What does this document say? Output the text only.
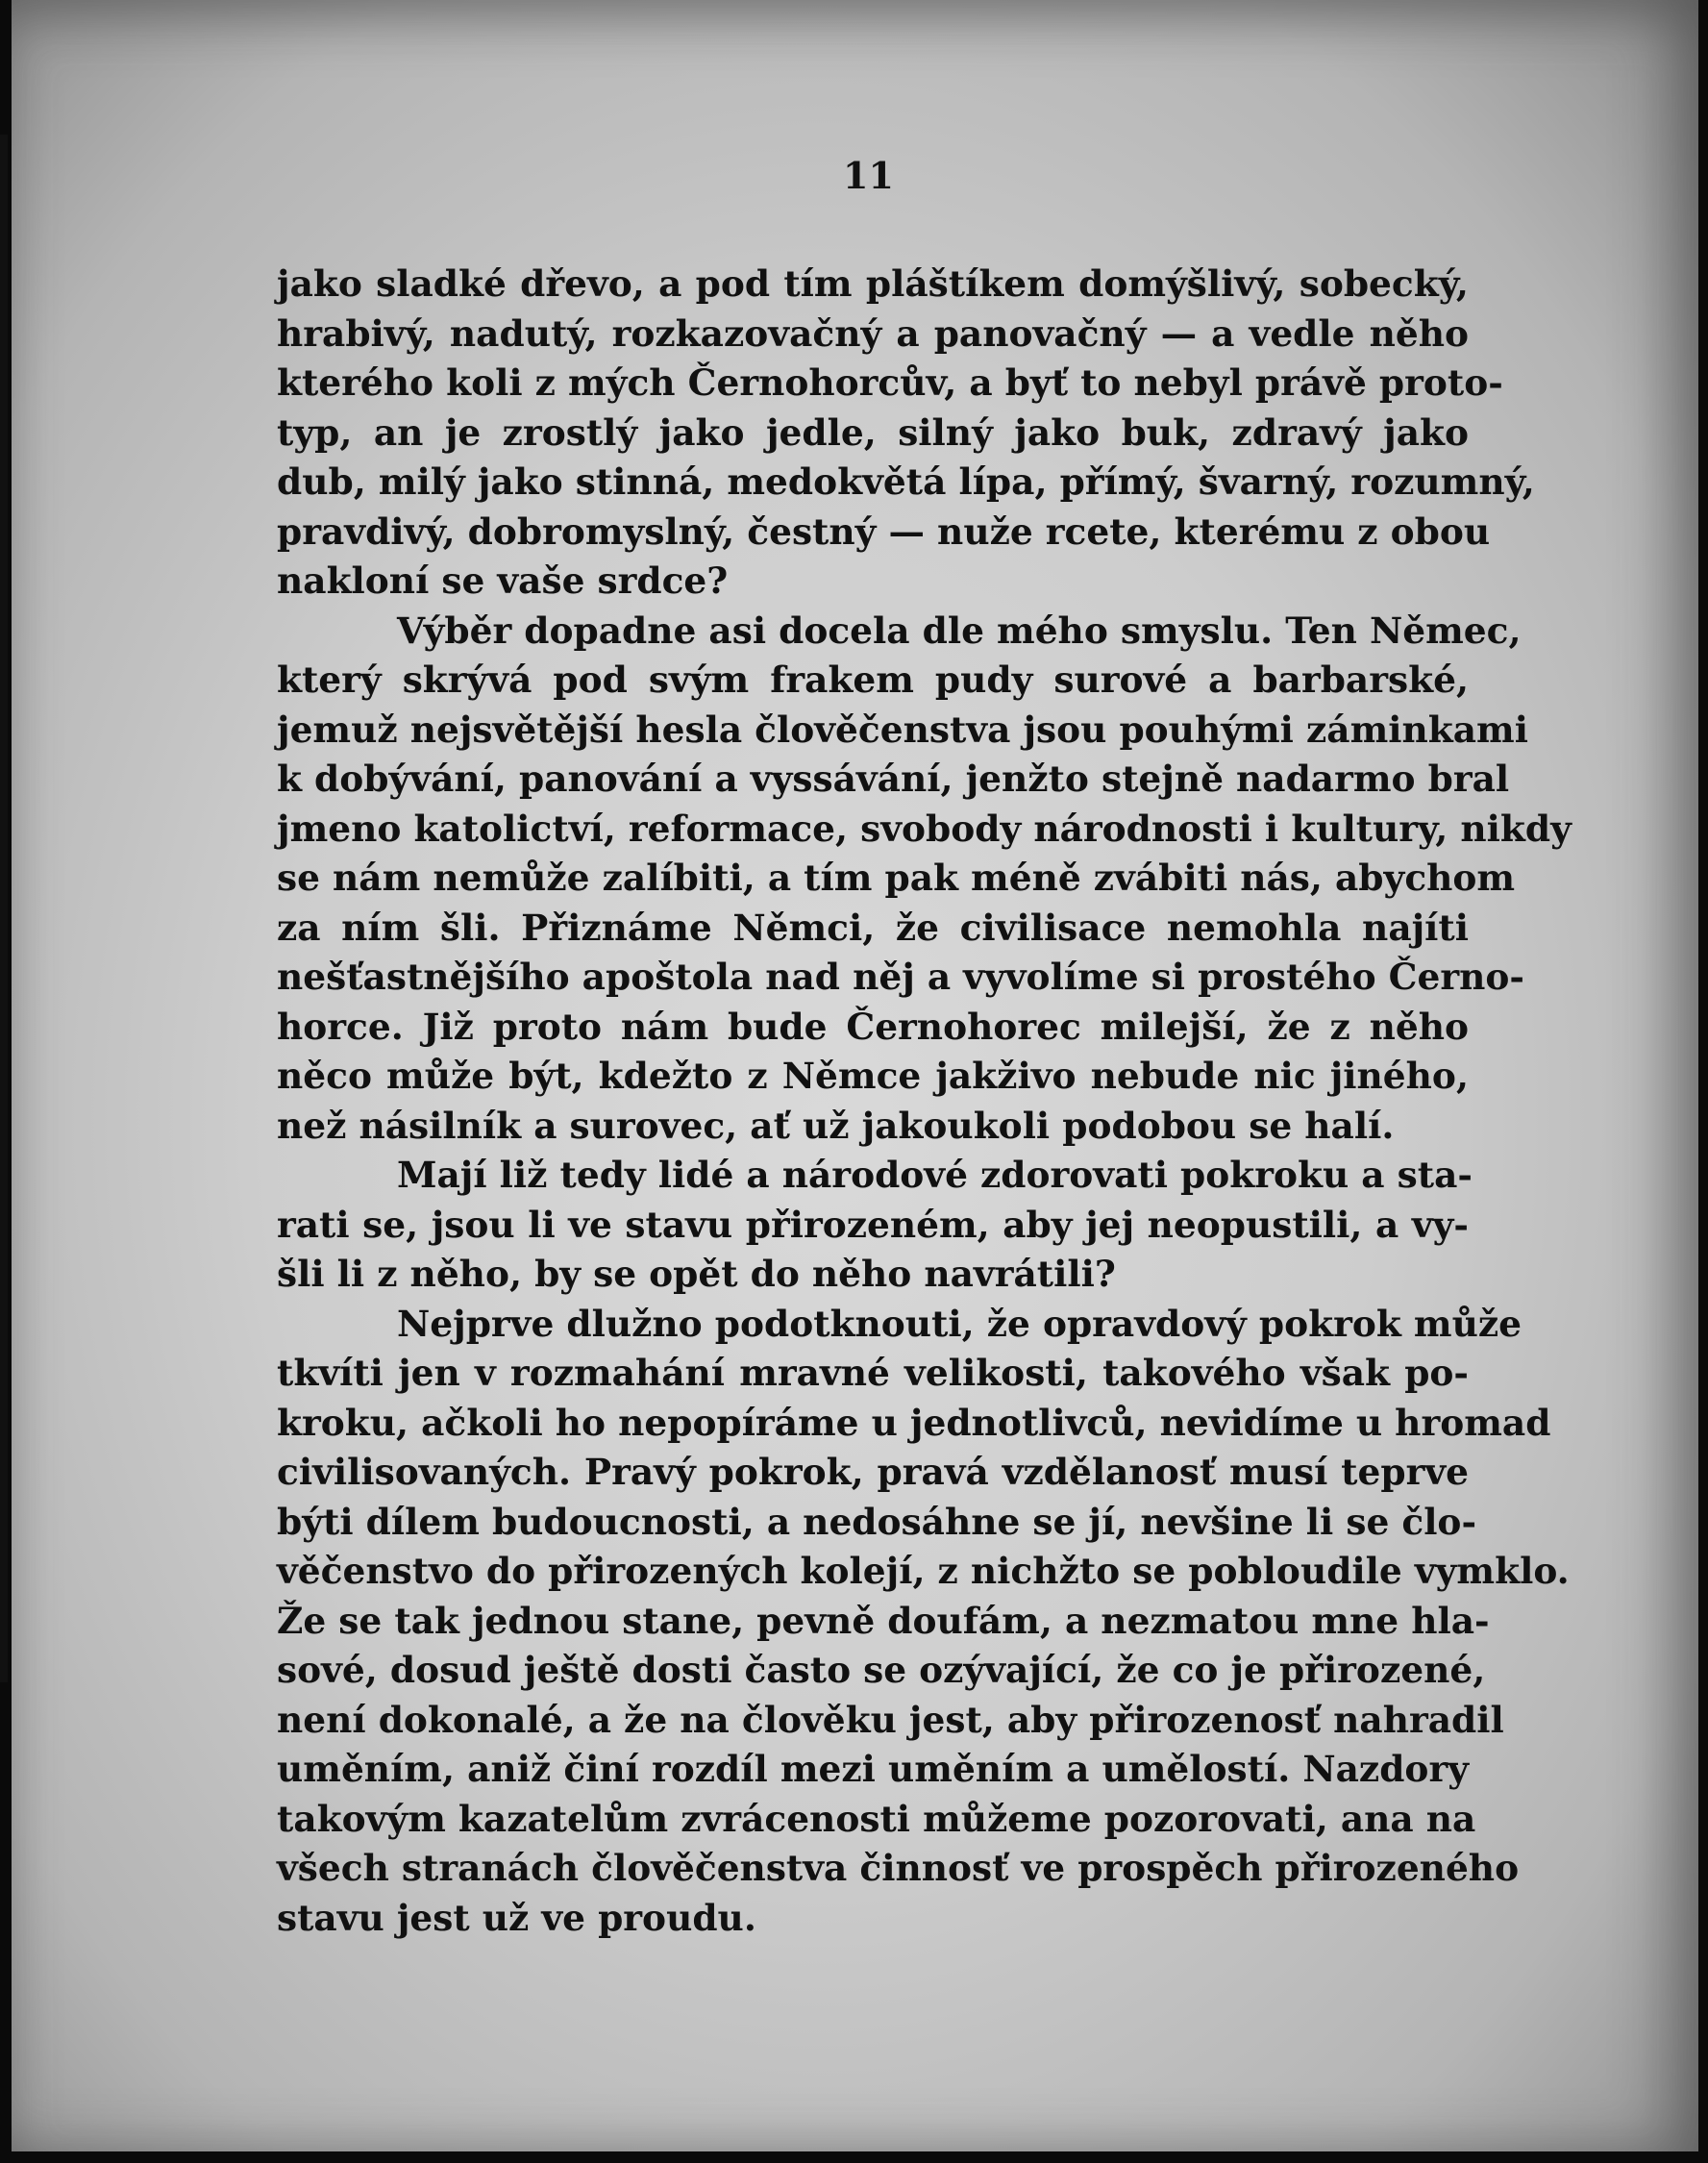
11

jako sladké dřevo, a pod tím pláštíkem domýšlivý, sobecký,
hrabivý, nadutý, rozkazovačný a panovačný — a vedle něho
kterého koli z mých Černohorcův, a byť to nebyl právě proto-
typ, an je zrostlý jako jedle, silný jako buk, zdravý jako
dub, milý jako stinná, medokvětá lípa, přímý, švarný, rozumný,
pravdivý, dobromyslný, čestný — nuže rcete, kterému z obou
nakloní se vaše srdce?

Výběr dopadne asi docela dle mého smyslu. Ten Němec,
který skrývá pod svým frakem pudy surové a barbarské,
jemuž nejsvětější hesla člověčenstva jsou pouhými záminkami
k dobývání, panování a vyssávání, jenžto stejně nadarmo bral
jmeno katolictví, reformace, svobody národnosti i kultury, nikdy
se nám nemůže zalíbiti, a tím pak méně zvábiti nás, abychom
za ním šli. Přiznáme Němci, že civilisace nemohla najíti
nešťastnějšího apoštola nad něj a vyvolíme si prostého Černo-
horce. Již proto nám bude Černohorec milejší, že z něho
něco může být, kdežto z Němce jakživo nebude nic jiného,
než násilník a surovec, ať už jakoukoli podobou se halí.

Mají liž tedy lidé a národové zdorovati pokroku a sta-
rati se, jsou li ve stavu přirozeném, aby jej neopustili, a vy-
šli li z něho, by se opět do něho navrátili?

Nejprve dlužno podotknouti, že opravdový pokrok může
tkvíti jen v rozmahání mravné velikosti, takového však po-
kroku, ačkoli ho nepopíráme u jednotlivců, nevidíme u hromad
civilisovaných. Pravý pokrok, pravá vzdělanosť musí teprve
býti dílem budoucnosti, a nedosáhne se jí, nevšine li se člo-
věčenstvo do přirozených kolejí, z nichžto se pobloudile vymklo.
Že se tak jednou stane, pevně doufám, a nezmatou mne hla-
sové, dosud ještě dosti často se ozývající, že co je přirozené,
není dokonalé, a že na člověku jest, aby přirozenosť nahradil
uměním, aniž činí rozdíl mezi uměním a umělostí. Nazdory
takovým kazatelům zvrácenosti můžeme pozorovati, ana na
všech stranách člověčenstva činnosť ve prospěch přirozeného
stavu jest už ve proudu.
